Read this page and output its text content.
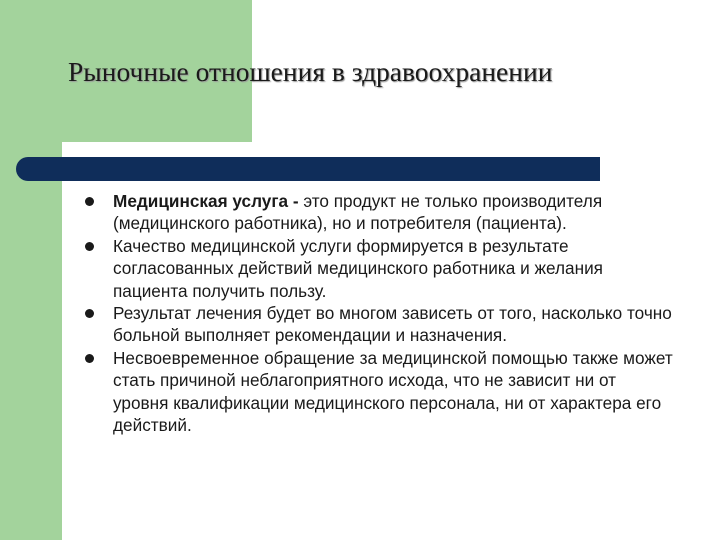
Рыночные отношения в здравоохранении
Медицинская услуга - это продукт не только производителя (медицинского работника), но и потребителя (пациента).
Качество медицинской услуги формируется в результате согласованных действий медицинского работника и желания пациента получить пользу.
Результат лечения будет во многом зависеть от того, насколько точно больной выполняет рекомендации и назначения.
Несвоевременное обращение за медицинской помощью также может стать причиной неблагоприятного исхода, что не зависит ни от уровня квалификации медицинского персонала, ни от характера его действий.
